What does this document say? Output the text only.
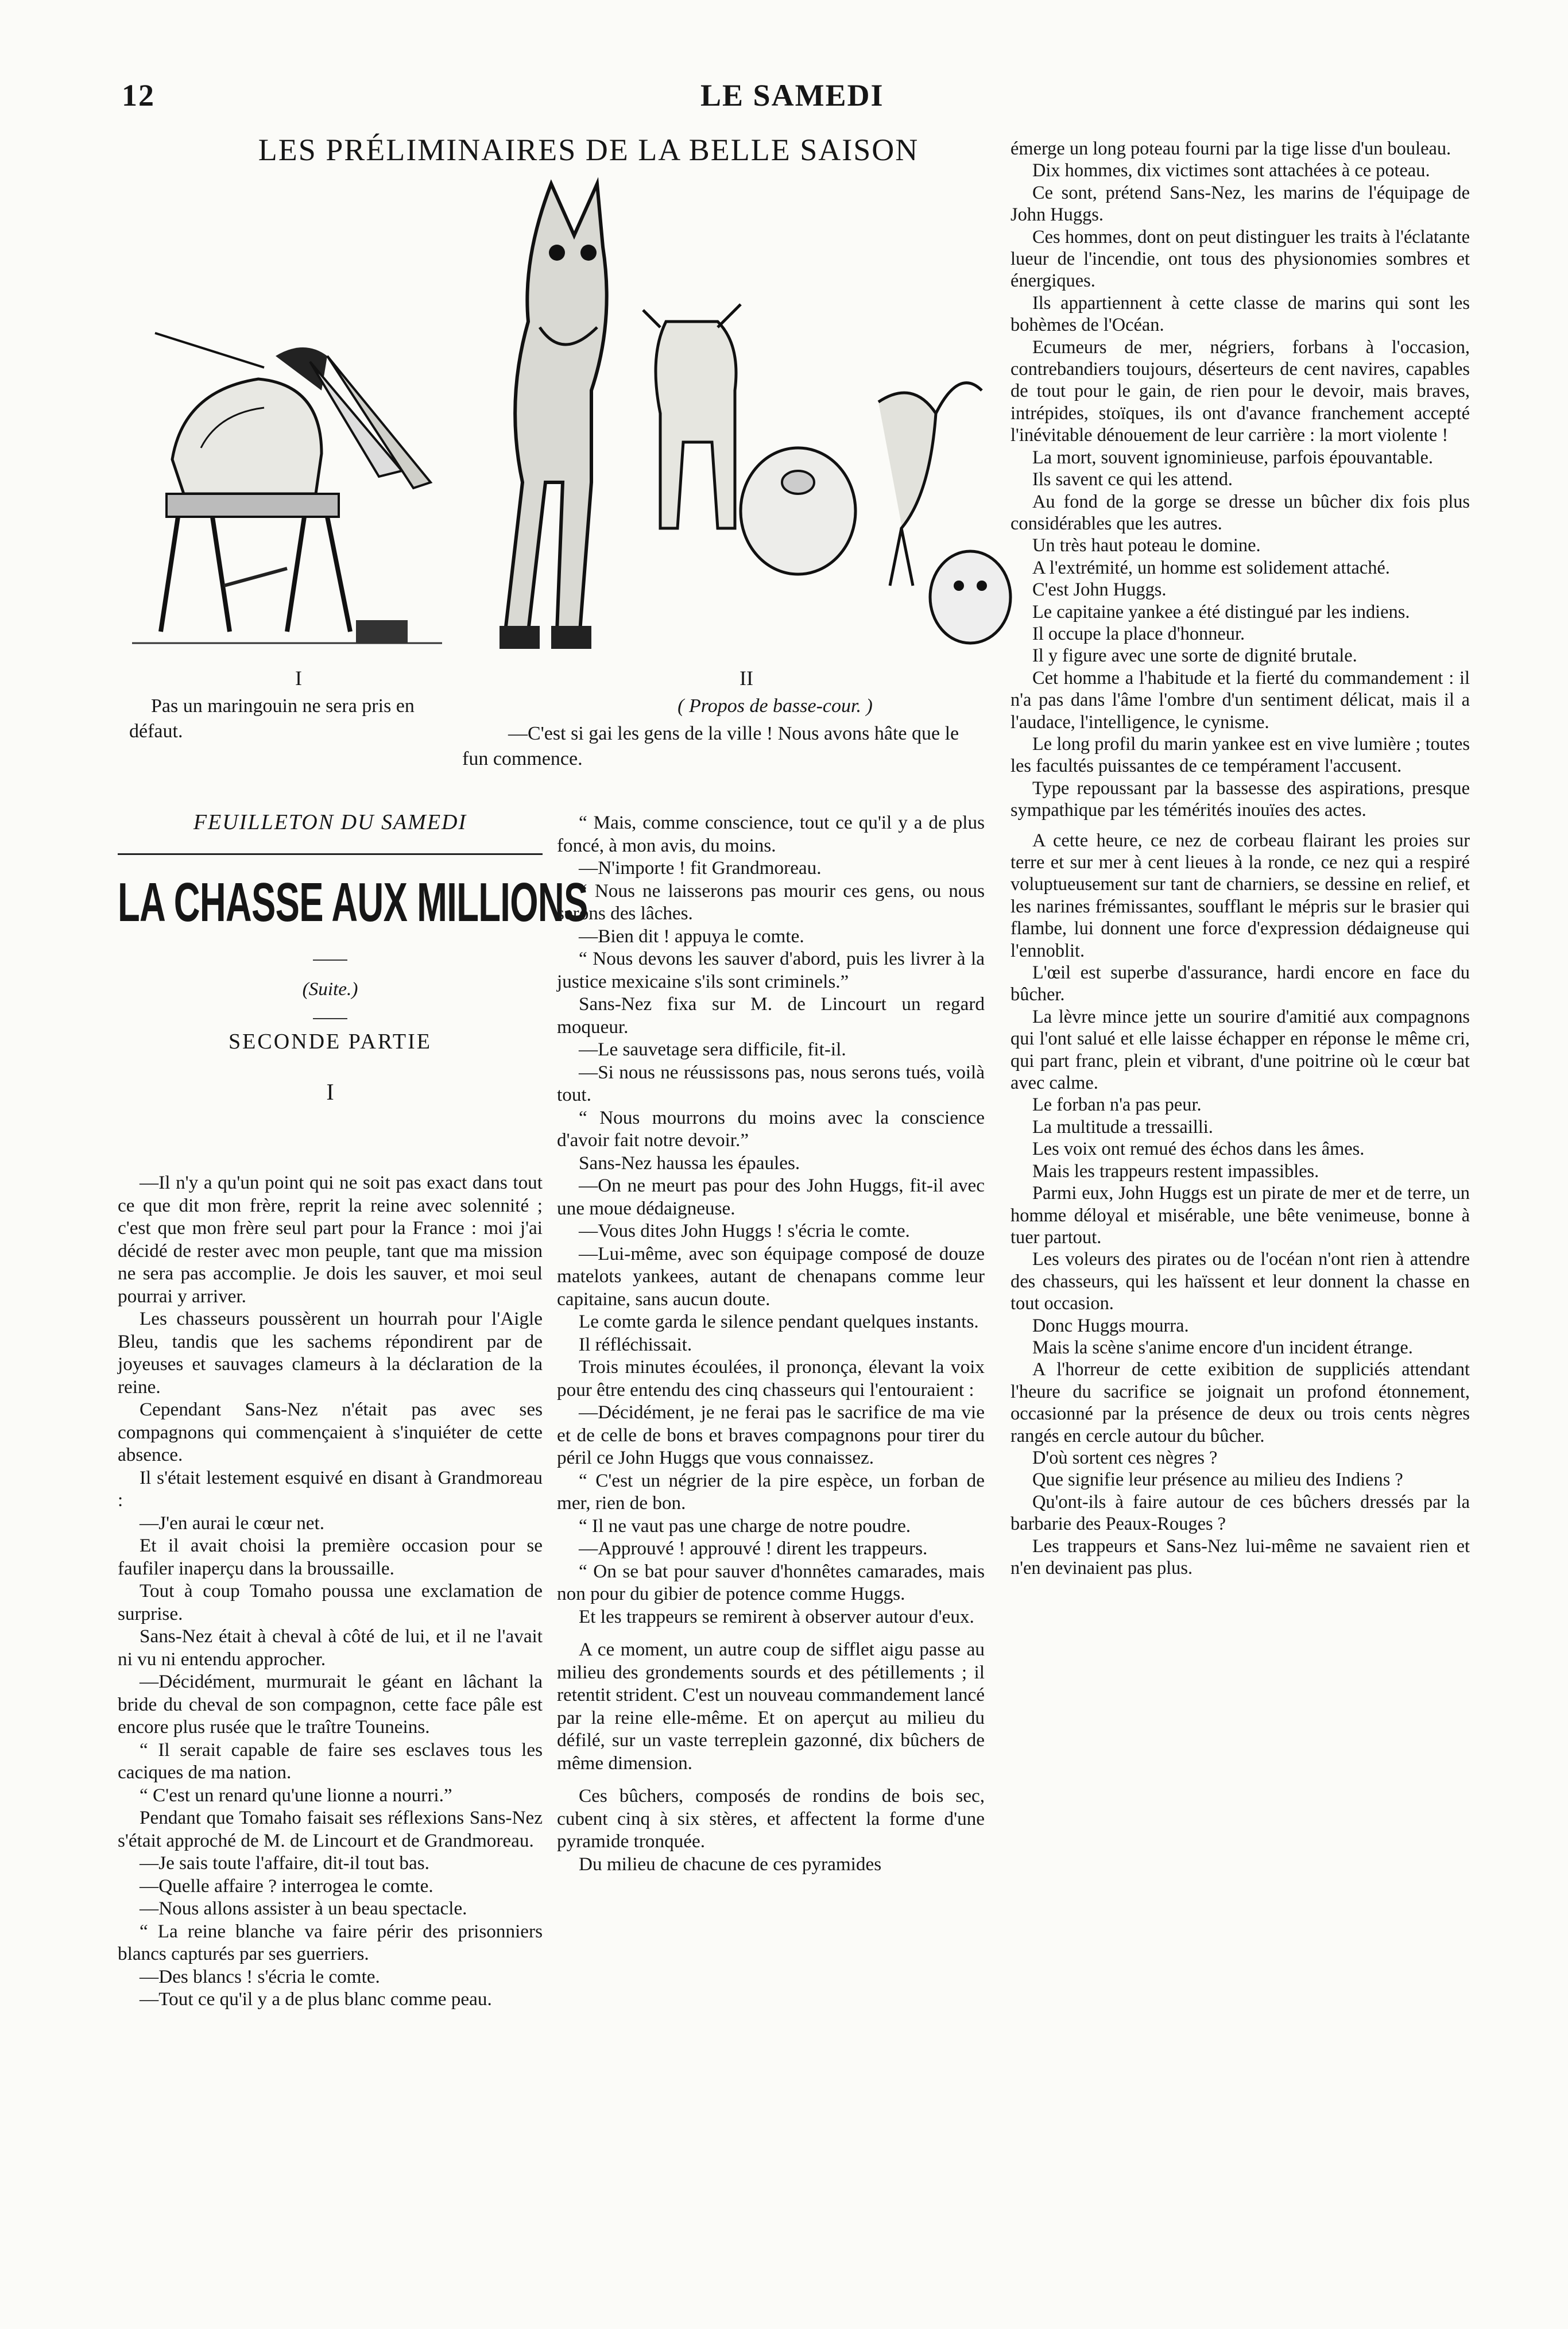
12	LE SAMEDI
LES PRÉLIMINAIRES DE LA BELLE SAISON
I	II
Pas un maringouin ne sera pris en défaut.
( Propos de basse-cour. )
—C'est si gai les gens de la ville ! Nous avons hâte que le fun commence.
FEUILLETON DU SAMEDI
LA CHASSE AUX MILLIONS

(Suite.)

SECONDE PARTIE

I

—Il n'y a qu'un point qui ne soit pas exact dans tout ce que dit mon frère, reprit la reine avec solennité ; c'est que mon frère seul part pour la France : moi j'ai décidé de rester avec mon peuple, tant que ma mission ne sera pas accomplie. Je dois les sauver, et moi seul pourrai y arriver.

Les chasseurs poussèrent un hourrah pour l'Aigle Bleu, tandis que les sachems répondirent par de joyeuses et sauvages clameurs à la déclaration de la reine.

Cependant Sans-Nez n'était pas avec ses compagnons qui commençaient à s'inquiéter de cette absence.

Il s'était lestement esquivé en disant à Grandmoreau :

—J'en aurai le cœur net.

Et il avait choisi la première occasion pour se faufiler inaperçu dans la broussaille.

Tout à coup Tomaho poussa une exclamation de surprise.

Sans-Nez était à cheval à côté de lui, et il ne l'avait ni vu ni entendu approcher.

—Décidément, murmurait le géant en lâchant la bride du cheval de son compagnon, cette face pâle est encore plus rusée que le traître Touneins.

“ Il serait capable de faire ses esclaves tous les caciques de ma nation.

“ C'est un renard qu'une lionne a nourri.”

Pendant que Tomaho faisait ses réflexions Sans-Nez s'était approché de M. de Lincourt et de Grandmoreau.

—Je sais toute l'affaire, dit-il tout bas.

—Quelle affaire ? interrogea le comte.

—Nous allons assister à un beau spectacle.

“ La reine blanche va faire périr des prisonniers blancs capturés par ses guerriers.

—Des blancs ! s'écria le comte.

—Tout ce qu'il y a de plus blanc comme peau.

“ Mais, comme conscience, tout ce qu'il y a de plus foncé, à mon avis, du moins.

—N'importe ! fit Grandmoreau.

“ Nous ne laisserons pas mourir ces gens, ou nous serons des lâches.

—Bien dit ! appuya le comte.

“ Nous devons les sauver d'abord, puis les livrer à la justice mexicaine s'ils sont criminels.”

Sans-Nez fixa sur M. de Lincourt un regard moqueur.

—Le sauvetage sera difficile, fit-il.

—Si nous ne réussissons pas, nous serons tués, voilà tout.

“ Nous mourrons du moins avec la conscience d'avoir fait notre devoir.”

Sans-Nez haussa les épaules.

—On ne meurt pas pour des John Huggs, fit-il avec une moue dédaigneuse.

—Vous dites John Huggs ! s'écria le comte.

—Lui-même, avec son équipage composé de douze matelots yankees, autant de chenapans comme leur capitaine, sans aucun doute.

Le comte garda le silence pendant quelques instants.

Il réfléchissait.

Trois minutes écoulées, il prononça, élevant la voix pour être entendu des cinq chasseurs qui l'entouraient :

—Décidément, je ne ferai pas le sacrifice de ma vie et de celle de bons et braves compagnons pour tirer du péril ce John Huggs que vous connaissez.

“ C'est un négrier de la pire espèce, un forban de mer, rien de bon.

“ Il ne vaut pas une charge de notre poudre.

—Approuvé ! approuvé ! dirent les trappeurs.

“ On se bat pour sauver d'honnêtes camarades, mais non pour du gibier de potence comme Huggs.

Et les trappeurs se remirent à observer autour d'eux.

A ce moment, un autre coup de sifflet aigu passe au milieu des grondements sourds et des pétillements ; il retentit strident. C'est un nouveau commandement lancé par la reine elle-même. Et on aperçut au milieu du défilé, sur un vaste terreplein gazonné, dix bûchers de même dimension.

Ces bûchers, composés de rondins de bois sec, cubent cinq à six stères, et affectent la forme d'une pyramide tronquée.

Du milieu de chacune de ces pyramides

émerge un long poteau fourni par la tige lisse d'un bouleau.

Dix hommes, dix victimes sont attachées à ce poteau.

Ce sont, prétend Sans-Nez, les marins de l'équipage de John Huggs.

Ces hommes, dont on peut distinguer les traits à l'éclatante lueur de l'incendie, ont tous des physionomies sombres et énergiques.

Ils appartiennent à cette classe de marins qui sont les bohèmes de l'Océan.

Ecumeurs de mer, négriers, forbans à l'occasion, contrebandiers toujours, déserteurs de cent navires, capables de tout pour le gain, de rien pour le devoir, mais braves, intrépides, stoïques, ils ont d'avance franchement accepté l'inévitable dénouement de leur carrière : la mort violente !

La mort, souvent ignominieuse, parfois épouvantable.

Ils savent ce qui les attend.

Au fond de la gorge se dresse un bûcher dix fois plus considérables que les autres.

Un très haut poteau le domine.

A l'extrémité, un homme est solidement attaché.

C'est John Huggs.

Le capitaine yankee a été distingué par les indiens.

Il occupe la place d'honneur.

Il y figure avec une sorte de dignité brutale.

Cet homme a l'habitude et la fierté du commandement : il n'a pas dans l'âme l'ombre d'un sentiment délicat, mais il a l'audace, l'intelligence, le cynisme.

Le long profil du marin yankee est en vive lumière ; toutes les facultés puissantes de ce tempérament l'accusent.

Type repoussant par la bassesse des aspirations, presque sympathique par les témérités inouïes des actes.

A cette heure, ce nez de corbeau flairant les proies sur terre et sur mer à cent lieues à la ronde, ce nez qui a respiré voluptueusement sur tant de charniers, se dessine en relief, et les narines frémissantes, soufflant le mépris sur le brasier qui flambe, lui donnent une force d'expression dédaigneuse qui l'ennoblit.

L'œil est superbe d'assurance, hardi encore en face du bûcher.

La lèvre mince jette un sourire d'amitié aux compagnons qui l'ont salué et elle laisse échapper en réponse le même cri, qui part franc, plein et vibrant, d'une poitrine où le cœur bat avec calme.

Le forban n'a pas peur.

La multitude a tressailli.

Les voix ont remué des échos dans les âmes.

Mais les trappeurs restent impassibles.

Parmi eux, John Huggs est un pirate de mer et de terre, un homme déloyal et misérable, une bête venimeuse, bonne à tuer partout.

Les voleurs des pirates ou de l'océan n'ont rien à attendre des chasseurs, qui les haïssent et leur donnent la chasse en tout occasion.

Donc Huggs mourra.

Mais la scène s'anime encore d'un incident étrange.

A l'horreur de cette exibition de suppliciés attendant l'heure du sacrifice se joignait un profond étonnement, occasionné par la présence de deux ou trois cents nègres rangés en cercle autour du bûcher.

D'où sortent ces nègres ?

Que signifie leur présence au milieu des Indiens ?

Qu'ont-ils à faire autour de ces bûchers dressés par la barbarie des Peaux-Rouges ?

Les trappeurs et Sans-Nez lui-même ne savaient rien et n'en devinaient pas plus.
